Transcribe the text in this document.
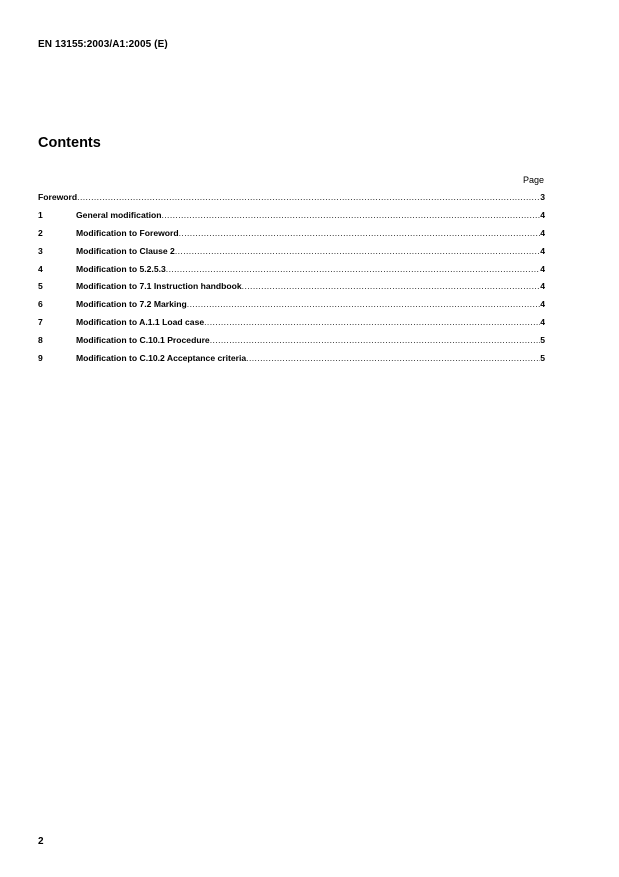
EN 13155:2003/A1:2005 (E)
Contents
Page
Foreword .....	3
1	General modification .....	4
2	Modification to Foreword .....	4
3	Modification to Clause 2 .....	4
4	Modification to 5.2.5.3 .....	4
5	Modification to 7.1 Instruction handbook .....	4
6	Modification to 7.2 Marking .....	4
7	Modification to A.1.1 Load case .....	4
8	Modification to C.10.1 Procedure .....	5
9	Modification to C.10.2 Acceptance criteria .....	5
2
